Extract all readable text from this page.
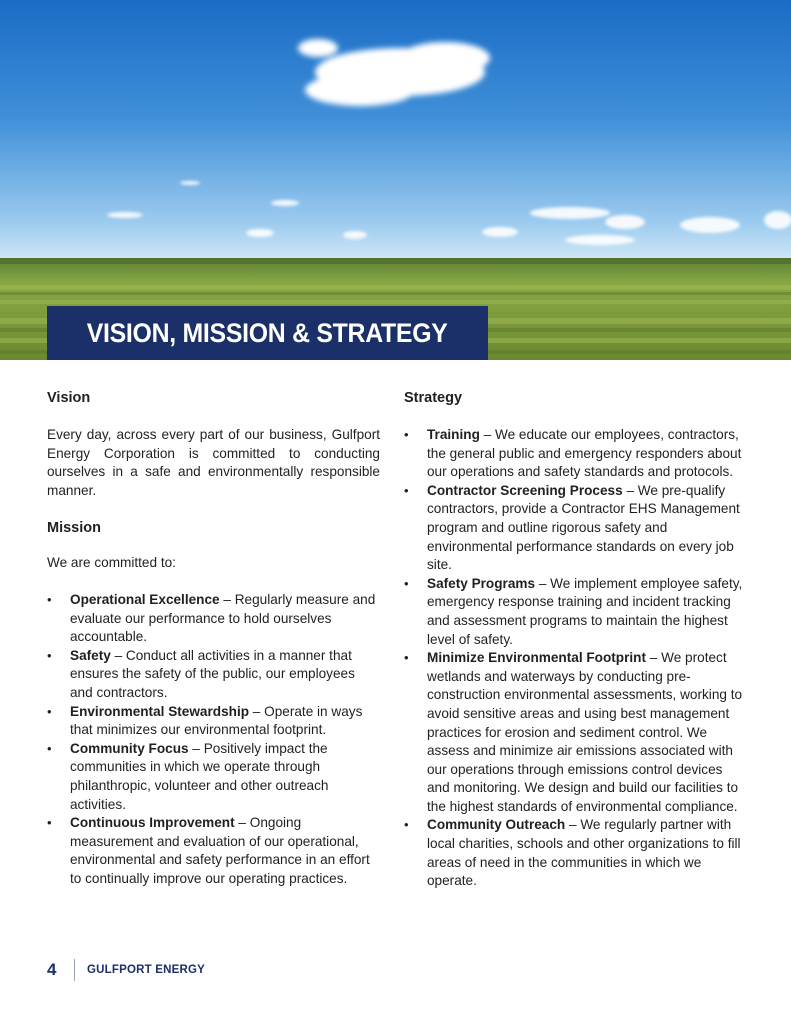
VISION, MISSION & STRATEGY
Vision

Every day, across every part of our business, Gulfport Energy Corporation is committed to conducting ourselves in a safe and environmentally responsible manner.

Mission

We are committed to:

• Operational Excellence – Regularly measure and evaluate our performance to hold ourselves accountable.
• Safety – Conduct all activities in a manner that ensures the safety of the public, our employees and contractors.
• Environmental Stewardship – Operate in ways that minimizes our environmental footprint.
• Community Focus – Positively impact the communities in which we operate through philanthropic, volunteer and other outreach activities.
• Continuous Improvement – Ongoing measurement and evaluation of our operational, environmental and safety performance in an effort to continually improve our operating practices.
Strategy
• Training – We educate our employees, contractors, the general public and emergency responders about our operations and safety standards and protocols.
• Contractor Screening Process – We pre-qualify contractors, provide a Contractor EHS Management program and outline rigorous safety and environmental performance standards on every job site.
• Safety Programs – We implement employee safety, emergency response training and incident tracking and assessment programs to maintain the highest level of safety.
• Minimize Environmental Footprint – We protect wetlands and waterways by conducting pre-construction environmental assessments, working to avoid sensitive areas and using best management practices for erosion and sediment control. We assess and minimize air emissions associated with our operations through emissions control devices and monitoring. We design and build our facilities to the highest standards of environmental compliance.
• Community Outreach – We regularly partner with local charities, schools and other organizations to fill areas of need in the communities in which we operate.
4	GULFPORT ENERGY
